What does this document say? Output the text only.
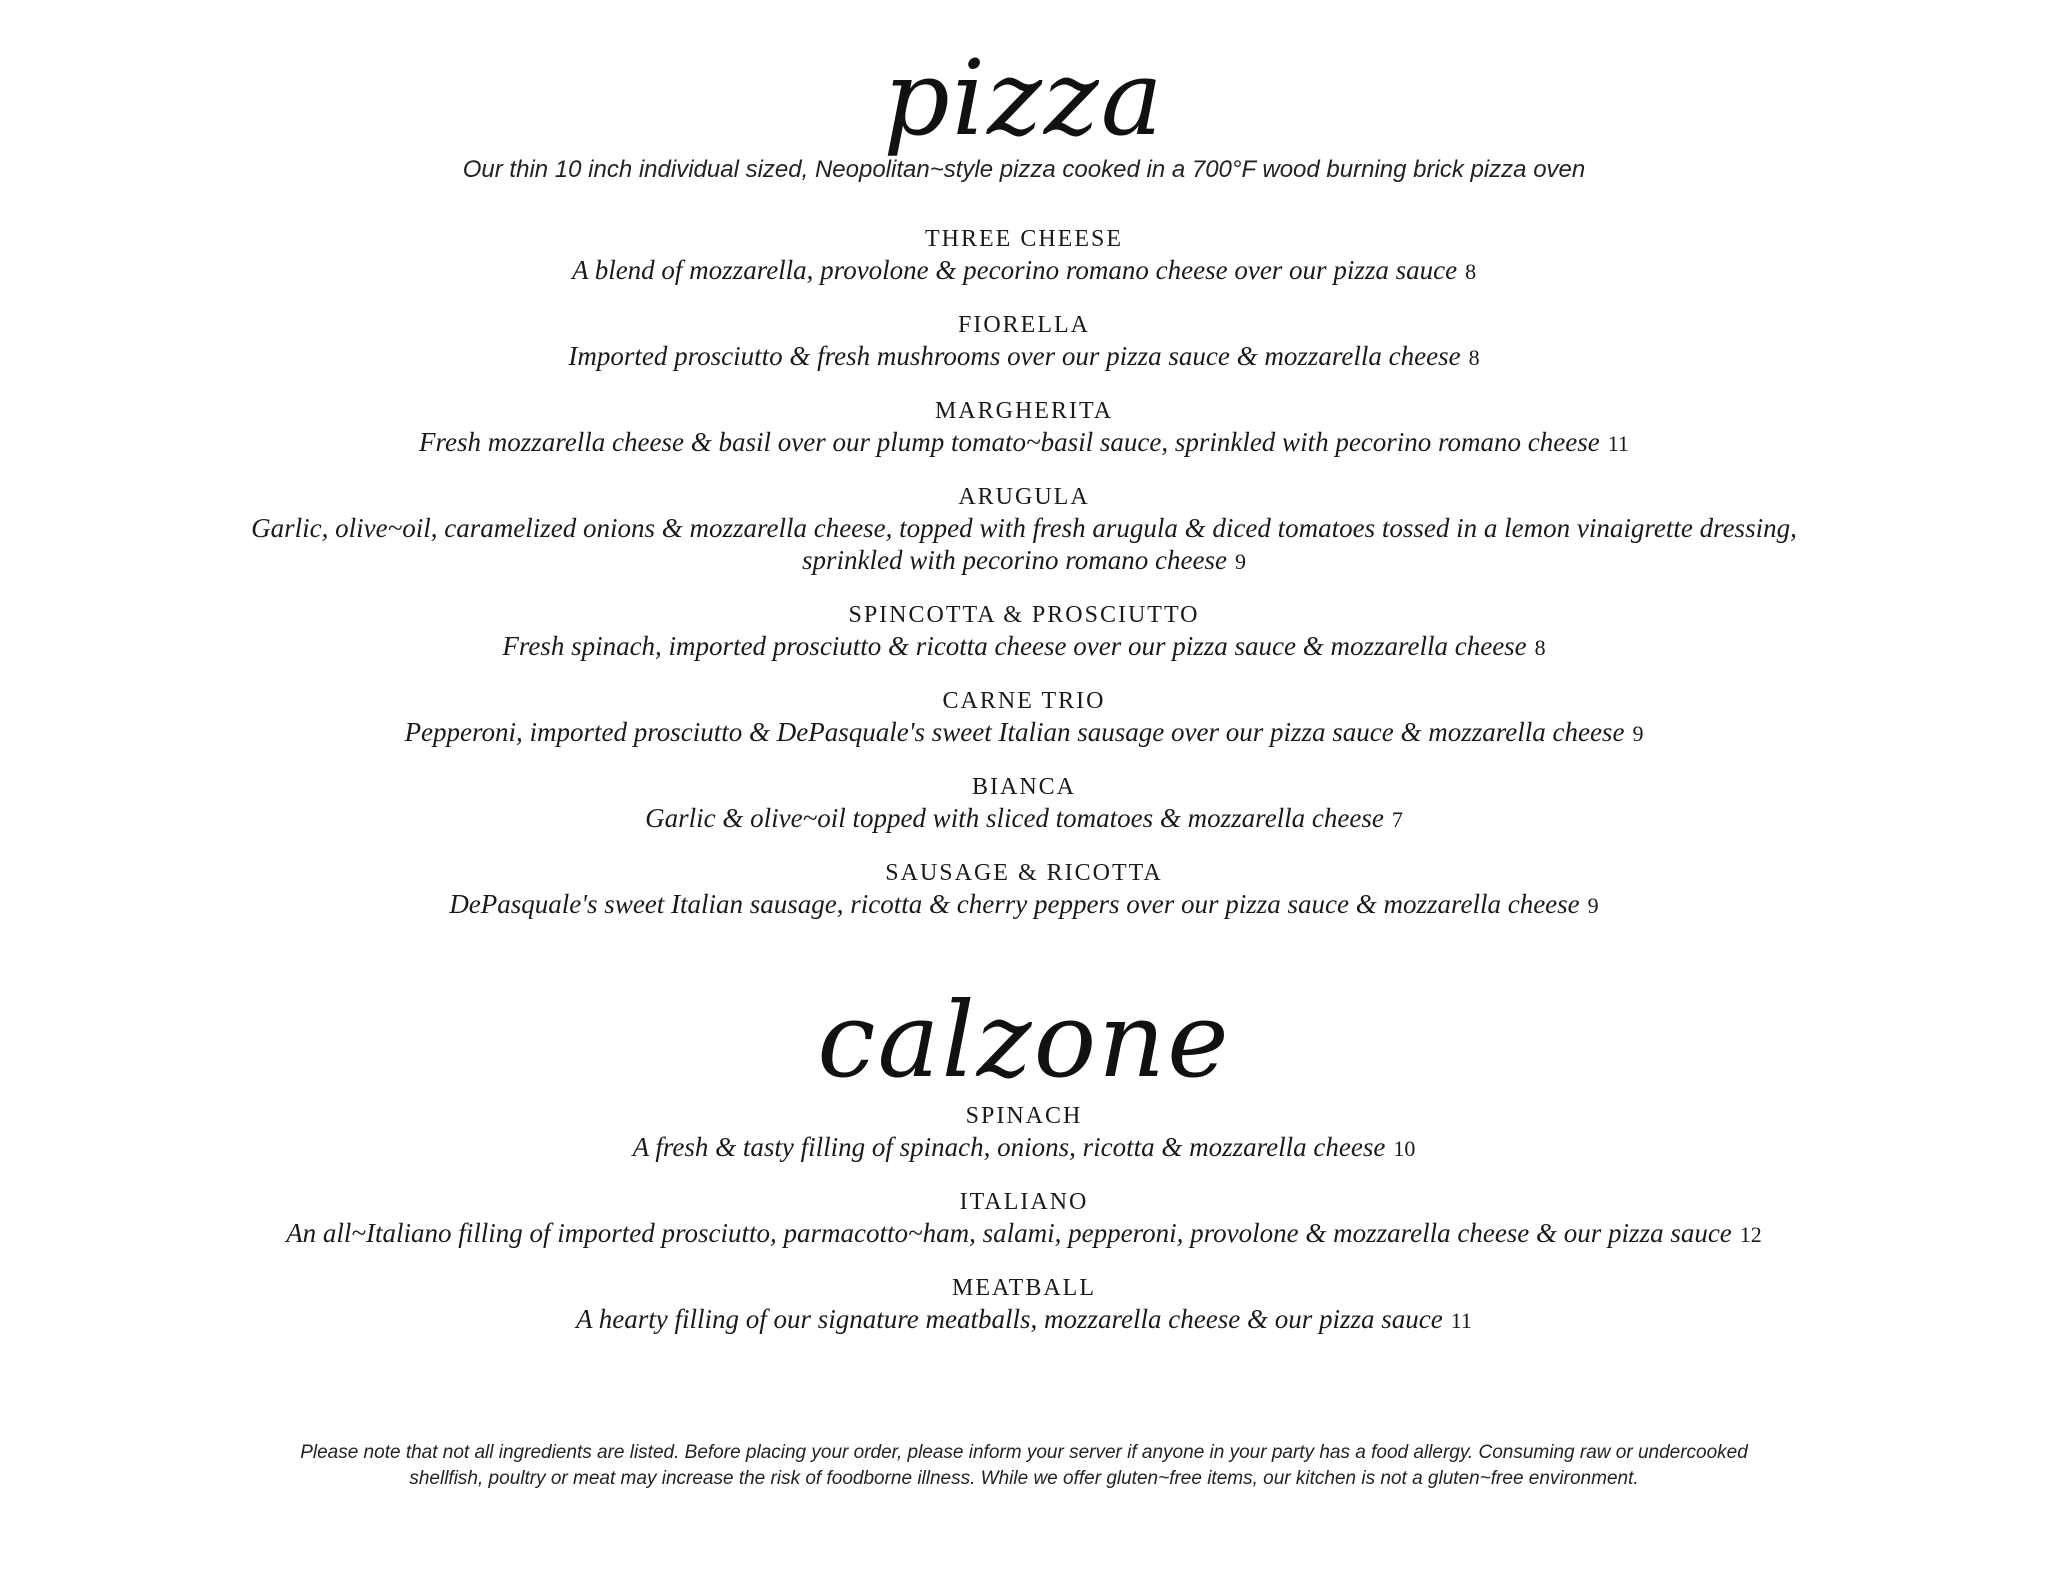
pizza

Our thin 10 inch individual sized, Neopolitan~style pizza cooked in a 700°F wood burning brick pizza oven

THREE CHEESE
A blend of mozzarella, provolone & pecorino romano cheese over our pizza sauce 8
FIORELLA
Imported prosciutto & fresh mushrooms over our pizza sauce & mozzarella cheese 8
MARGHERITA
Fresh mozzarella cheese & basil over our plump tomato~basil sauce, sprinkled with pecorino romano cheese 11
ARUGULA
Garlic, olive~oil, caramelized onions & mozzarella cheese, topped with fresh arugula & diced tomatoes tossed in a lemon vinaigrette dressing, sprinkled with pecorino romano cheese 9
SPINCOTTA & PROSCIUTTO
Fresh spinach, imported prosciutto & ricotta cheese over our pizza sauce & mozzarella cheese 8
CARNE TRIO
Pepperoni, imported prosciutto & DePasquale's sweet Italian sausage over our pizza sauce & mozzarella cheese 9
BIANCA
Garlic & olive~oil topped with sliced tomatoes & mozzarella cheese 7
SAUSAGE & RICOTTA
DePasquale's sweet Italian sausage, ricotta & cherry peppers over our pizza sauce & mozzarella cheese 9
calzone
SPINACH
A fresh & tasty filling of spinach, onions, ricotta & mozzarella cheese 10
ITALIANO
An all~Italiano filling of imported prosciutto, parmacotto~ham, salami, pepperoni, provolone & mozzarella cheese & our pizza sauce 12
MEATBALL
A hearty filling of our signature meatballs, mozzarella cheese & our pizza sauce 11

Please note that not all ingredients are listed. Before placing your order, please inform your server if anyone in your party has a food allergy. Consuming raw or undercooked shellfish, poultry or meat may increase the risk of foodborne illness. While we offer gluten~free items, our kitchen is not a gluten~free environment.
